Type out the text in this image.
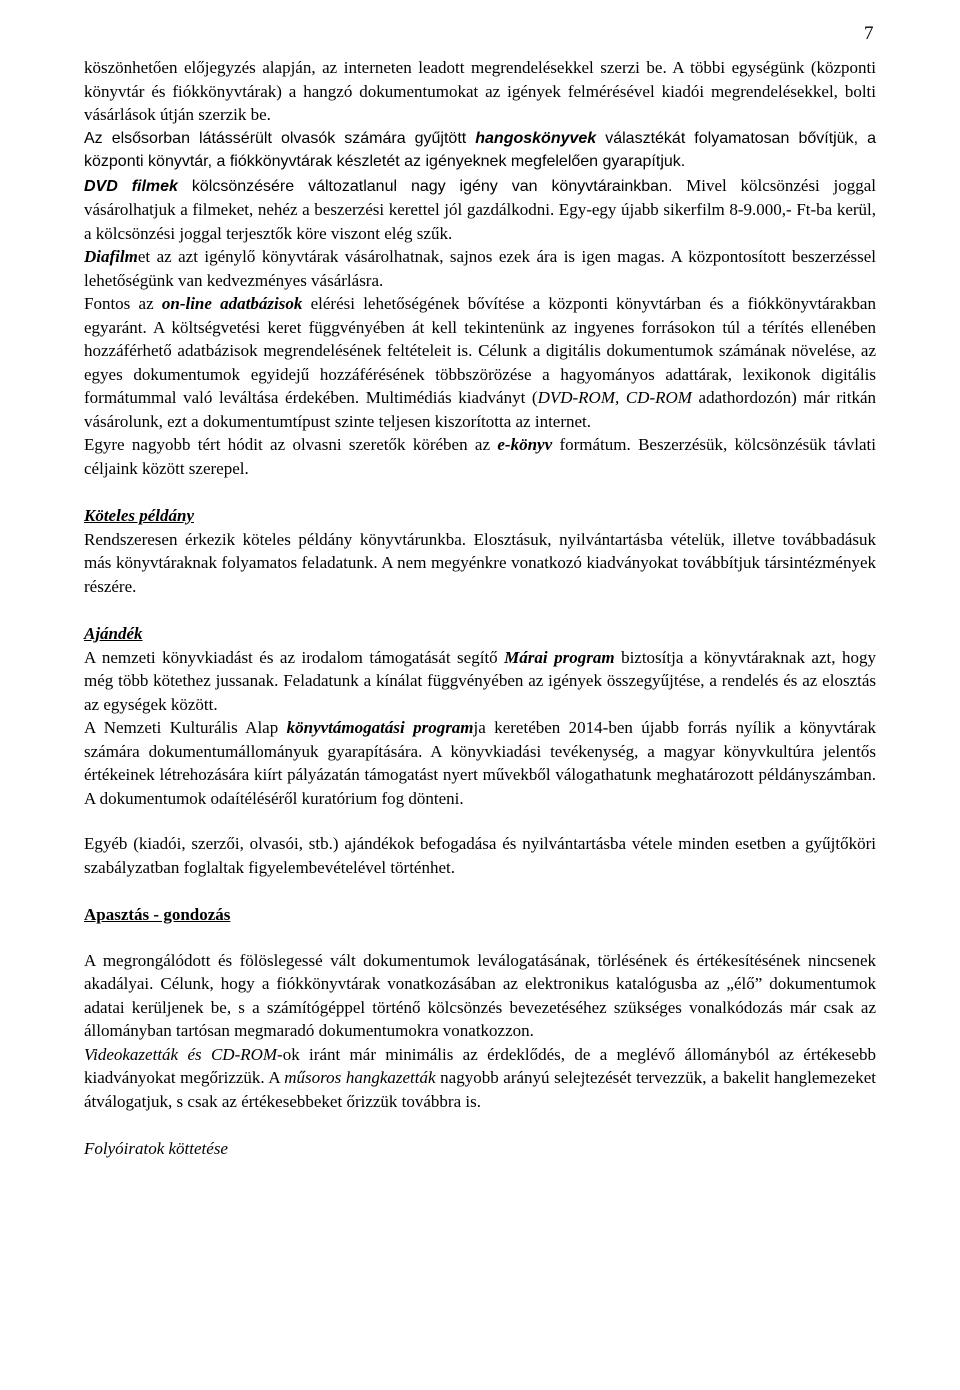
7

köszönhetően előjegyzés alapján, az interneten leadott megrendelésekkel szerzi be. A többi egységünk (központi könyvtár és fiókkönyvtárak) a hangzó dokumentumokat az igények felmérésével kiadói megrendelésekkel, bolti vásárlások útján szerzik be.

Az elsősorban látássérült olvasók számára gyűjtött hangoskönyvek választékát folyamatosan bővítjük, a központi könyvtár, a fiókkönyvtárak készletét az igényeknek megfelelően gyarapítjuk.

DVD filmek kölcsönzésére változatlanul nagy igény van könyvtárainkban. Mivel kölcsönzési joggal vásárolhatjuk a filmeket, nehéz a beszerzési kerettel jól gazdálkodni. Egy-egy újabb sikerfilm 8-9.000,- Ft-ba kerül, a kölcsönzési joggal terjesztők köre viszont elég szűk.

Diafilmet az azt igénylő könyvtárak vásárolhatnak, sajnos ezek ára is igen magas. A központosított beszerzéssel lehetőségünk van kedvezményes vásárlásra.

Fontos az on-line adatbázisok elérési lehetőségének bővítése a központi könyvtárban és a fiókkönyvtárakban egyaránt. A költségvetési keret függvényében át kell tekintenünk az ingyenes forrásokon túl a térítés ellenében hozzáférhető adatbázisok megrendelésének feltételeit is. Célunk a digitális dokumentumok számának növelése, az egyes dokumentumok egyidejű hozzáférésének többszörözése a hagyományos adattárak, lexikonok digitális formátummal való leváltása érdekében. Multimédiás kiadványt (DVD-ROM, CD-ROM adathordozón) már ritkán vásárolunk, ezt a dokumentumtípust szinte teljesen kiszorította az internet.

Egyre nagyobb tért hódit az olvasni szeretők körében az e-könyv formátum. Beszerzésük, kölcsönzésük távlati céljaink között szerepel.

Köteles példány

Rendszeresen érkezik köteles példány könyvtárunkba. Elosztásuk, nyilvántartásba vételük, illetve továbbadásuk más könyvtáraknak folyamatos feladatunk. A nem megyénkre vonatkozó kiadványokat továbbítjuk társintézmények részére.

Ajándék

A nemzeti könyvkiadást és az irodalom támogatását segítő Márai program biztosítja a könyvtáraknak azt, hogy még több kötethez jussanak. Feladatunk a kínálat függvényében az igények összegyűjtése, a rendelés és az elosztás az egységek között.

A Nemzeti Kulturális Alap könyvtámogatási programja keretében 2014-ben újabb forrás nyílik a könyvtárak számára dokumentumállományuk gyarapítására. A könyvkiadási tevékenység, a magyar könyvkultúra jelentős értékeinek létrehozására kiírt pályázatán támogatást nyert művekből válogathatunk meghatározott példányszámban. A dokumentumok odaítéléséről kuratórium fog dönteni.

Egyéb (kiadói, szerzői, olvasói, stb.) ajándékok befogadása és nyilvántartásba vétele minden esetben a gyűjtőköri szabályzatban foglaltak figyelembevételével történhet.

Apasztás - gondozás

A megrongálódott és fölöslegessé vált dokumentumok leválogatásának, törlésének és értékesítésének nincsenek akadályai. Célunk, hogy a fiókkönyvtárak vonatkozásában az elektronikus katalógusba az „élő” dokumentumok adatai kerüljenek be, s a számítógéppel történő kölcsönzés bevezetéséhez szükséges vonalkódozás már csak az állományban tartósan megmaradó dokumentumokra vonatkozzon.

Videokazetták és CD-ROM-ok iránt már minimális az érdeklődés, de a meglévő állományból az értékesebb kiadványokat megőrizzük. A műsoros hangkazetták nagyobb arányú selejtezését tervezzük, a bakelit hanglemezeket átválogatjuk, s csak az értékesebbeket őrizzük továbbra is.

Folyóiratok köttetése
